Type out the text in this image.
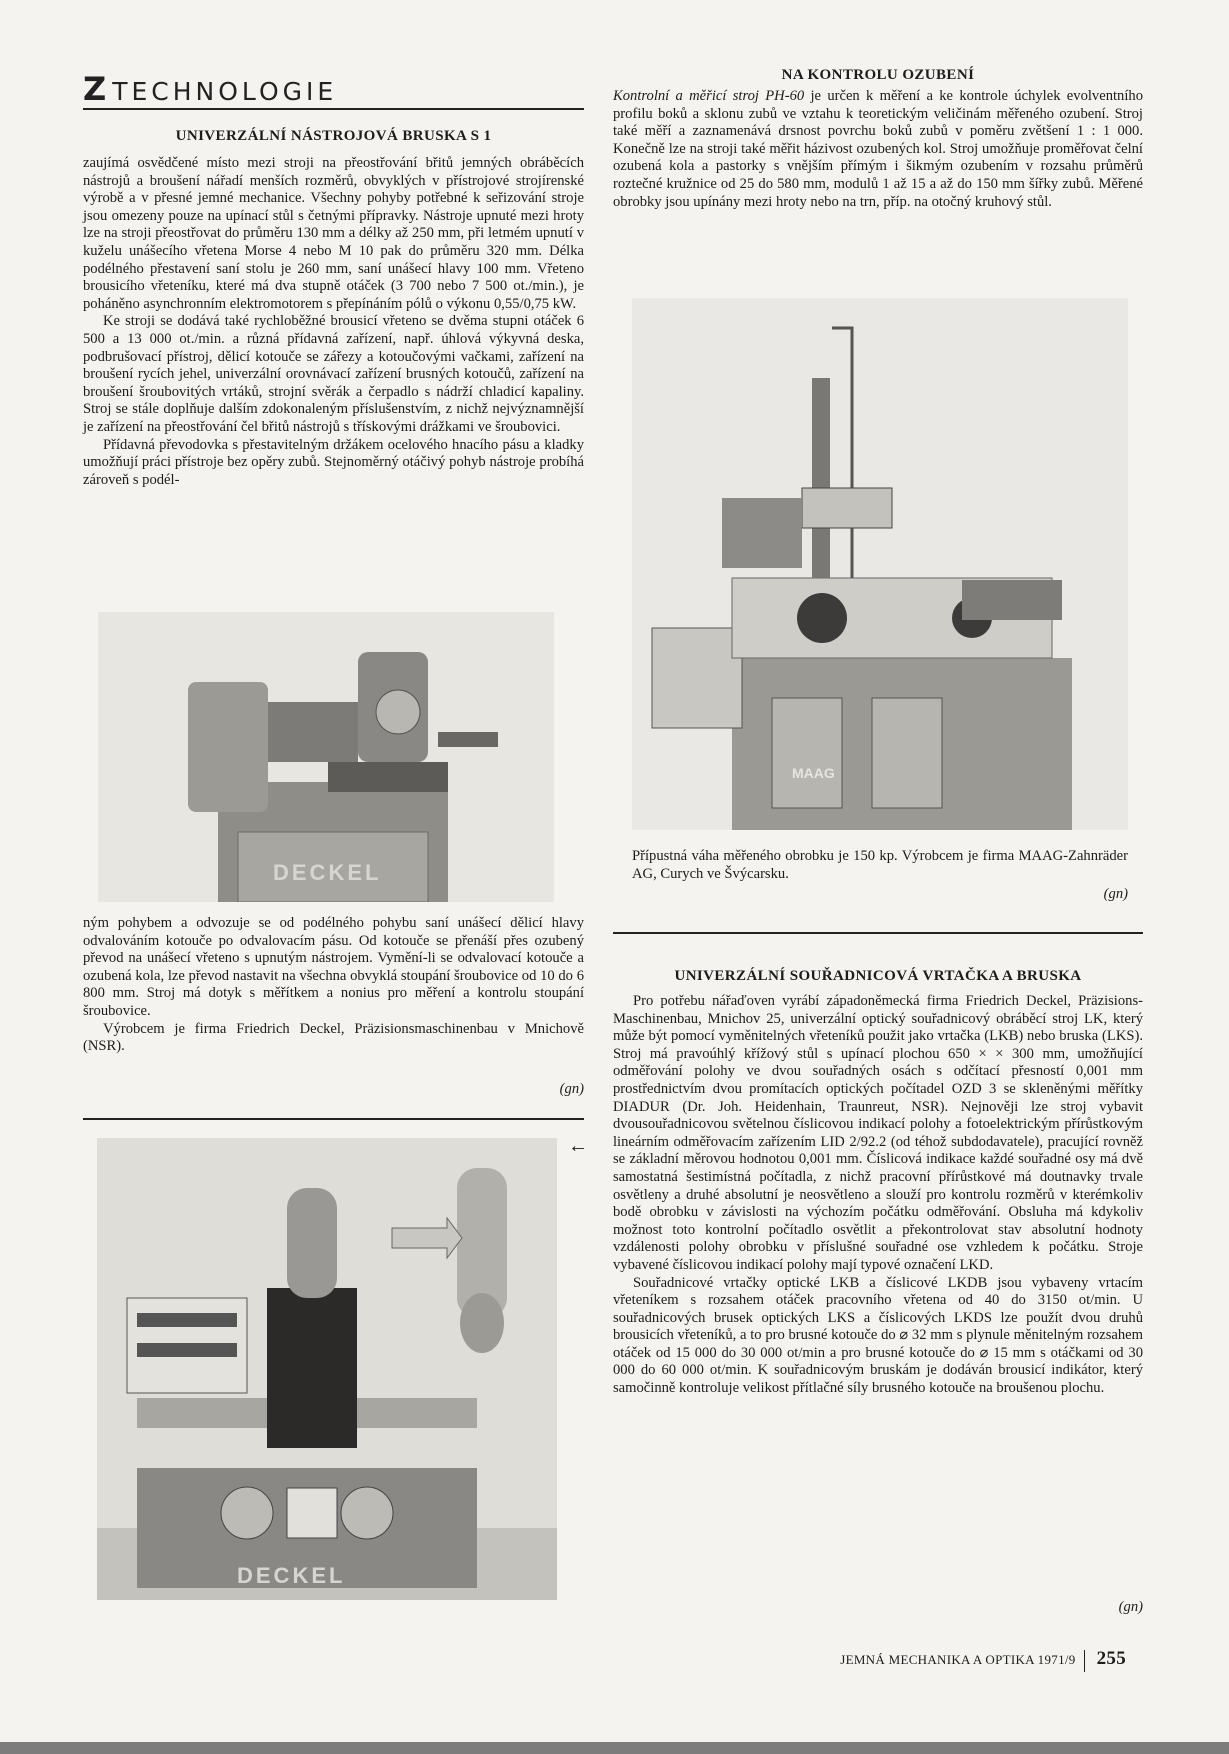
Z TECHNOLOGIE
UNIVERZÁLNÍ NÁSTROJOVÁ BRUSKA S 1

zaujímá osvědčené místo mezi stroji na přeostřování břitů jemných obráběcích nástrojů a broušení nářadí menších rozměrů, obvyklých v přístrojové strojírenské výrobě a v přesné jemné mechanice. Všechny pohyby potřebné k seřizování stroje jsou omezeny pouze na upínací stůl s četnými přípravky. Nástroje upnuté mezi hroty lze na stroji přeostřovat do průměru 130 mm a délky až 250 mm, při letmém upnutí v kuželu unášecího vřetena Morse 4 nebo M 10 pak do průměru 320 mm. Délka podélného přestavení saní stolu je 260 mm, saní unášecí hlavy 100 mm. Vřeteno brousicího vřeteníku, které má dva stupně otáček (3 700 nebo 7 500 ot./min.), je poháněno asynchronním elektromotorem s přepínáním pólů o výkonu 0,55/0,75 kW.

Ke stroji se dodává také rychloběžné brousicí vřeteno se dvěma stupni otáček 6 500 a 13 000 ot./min. a různá přídavná zařízení, např. úhlová výkyvná deska, podbrušovací přístroj, dělicí kotouče se zářezy a kotoučovými vačkami, zařízení na broušení rycích jehel, univerzální orovnávací zařízení brusných kotoučů, zařízení na broušení šroubovitých vrtáků, strojní svěrák a čerpadlo s nádrží chladicí kapaliny. Stroj se stále doplňuje dalším zdokonaleným příslušenstvím, z nichž nejvýznamnější je zařízení na přeostřování čel břitů nástrojů s třískovými drážkami ve šroubovici.

Přídavná převodovka s přestavitelným držákem ocelového hnacího pásu a kladky umožňují práci přístroje bez opěry zubů. Stejnoměrný otáčivý pohyb nástroje probíhá zároveň s podél-

DECKEL

ným pohybem a odvozuje se od podélného pohybu saní unášecí dělicí hlavy odvalováním kotouče po odvalovacím pásu. Od kotouče se přenáší přes ozubený převod na unášecí vřeteno s upnutým nástrojem. Vymění-li se odvalovací kotouče a ozubená kola, lze převod nastavit na všechna obvyklá stoupání šroubovice od 10 do 6 800 mm. Stroj má dotyk s měřítkem a nonius pro měření a kontrolu stoupání šroubovice.

Výrobcem je firma Friedrich Deckel, Präzisionsmaschinenbau v Mnichově (NSR).

(gn)
DECKEL
NA KONTROLU OZUBENÍ

Kontrolní a měřicí stroj PH-60 je určen k měření a ke kontrole úchylek evolventního profilu boků a sklonu zubů ve vztahu k teoretickým veličinám měřeného ozubení. Stroj také měří a zaznamenává drsnost povrchu boků zubů v poměru zvětšení 1 : 1 000. Konečně lze na stroji také měřit házivost ozubených kol. Stroj umožňuje proměřovat čelní ozubená kola a pastorky s vnějším přímým i šikmým ozubením v rozsahu průměrů roztečné kružnice od 25 do 580 mm, modulů 1 až 15 a až do 150 mm šířky zubů. Měřené obrobky jsou upínány mezi hroty nebo na trn, příp. na otočný kruhový stůl.

MAAG
Přípustná váha měřeného obrobku je 150 kp. Výrobcem je firma MAAG-Zahnräder AG, Curych ve Švýcarsku.
(gn)
UNIVERZÁLNÍ SOUŘADNICOVÁ VRTAČKA A BRUSKA
←

Pro potřebu nářaďoven vyrábí západoněmecká firma Friedrich Deckel, Präzisions-Maschinenbau, Mnichov 25, univerzální optický souřadnicový obráběcí stroj LK, který může být pomocí vyměnitelných vřeteníků použit jako vrtačka (LKB) nebo bruska (LKS). Stroj má pravoúhlý křížový stůl s upínací plochou 650 × × 300 mm, umožňující odměřování polohy ve dvou souřadných osách s odčítací přesností 0,001 mm prostřednictvím dvou promítacích optických počítadel OZD 3 se skleněnými měřítky DIADUR (Dr. Joh. Heidenhain, Traunreut, NSR). Nejnověji lze stroj vybavit dvousouřadnicovou světelnou číslicovou indikací polohy a fotoelektrickým přírůstkovým lineárním odměřovacím zařízením LID 2/92.2 (od téhož subdodavatele), pracující rovněž se základní měrovou hodnotou 0,001 mm. Číslicová indikace každé souřadné osy má dvě samostatná šestimístná počítadla, z nichž pracovní přírůstkové má doutnavky trvale osvětleny a druhé absolutní je neosvětleno a slouží pro kontrolu rozměrů v kterémkoliv bodě obrobku v závislosti na výchozím počátku odměřování. Obsluha má kdykoliv možnost toto kontrolní počítadlo osvětlit a překontrolovat stav absolutní hodnoty vzdálenosti polohy obrobku v příslušné souřadné ose vzhledem k počátku. Stroje vybavené číslicovou indikací polohy mají typové označení LKD.

Souřadnicové vrtačky optické LKB a číslicové LKDB jsou vybaveny vrtacím vřeteníkem s rozsahem otáček pracovního vřetena od 40 do 3150 ot/min. U souřadnicových brusek optických LKS a číslicových LKDS lze použít dvou druhů brousicích vřeteníků, a to pro brusné kotouče do ⌀ 32 mm s plynule měnitelným rozsahem otáček od 15 000 do 30 000 ot/min a pro brusné kotouče do ⌀ 15 mm s otáčkami od 30 000 do 60 000 ot/min. K souřadnicovým bruskám je dodáván brousicí indikátor, který samočinně kontroluje velikost přítlačné síly brusného kotouče na broušenou plochu.

(gn)
JEMNÁ MECHANIKA A OPTIKA 1971/9 255
